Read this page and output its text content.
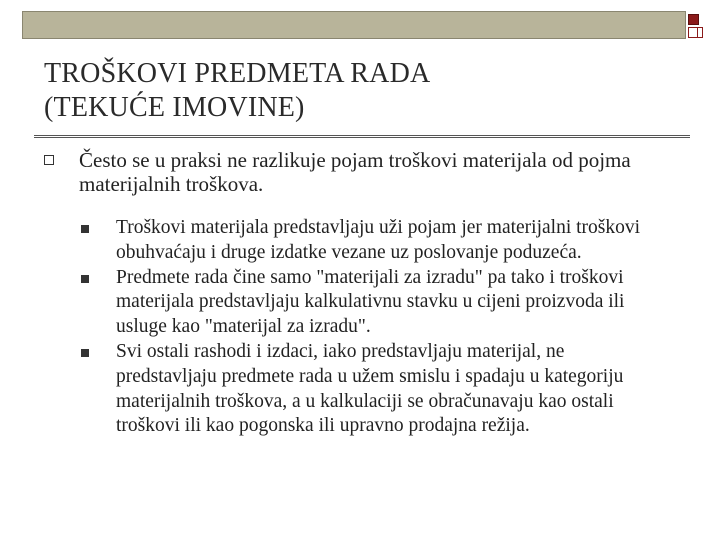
TROŠKOVI PREDMETA RADA
(TEKUĆE IMOVINE)
Često se u praksi ne razlikuje pojam troškovi materijala od pojma materijalnih troškova.
Troškovi materijala predstavljaju uži pojam jer materijalni troškovi obuhvaćaju i druge izdatke vezane uz poslovanje poduzeća.
Predmete rada čine samo "materijali za izradu" pa tako i troškovi materijala predstavljaju kalkulativnu stavku u cijeni proizvoda ili usluge kao "materijal za izradu".
Svi ostali rashodi i izdaci, iako predstavljaju materijal, ne predstavljaju predmete rada u užem smislu i spadaju u kategoriju materijalnih troškova, a u kalkulaciji se obračunavaju kao ostali troškovi ili kao pogonska ili upravno prodajna režija.
